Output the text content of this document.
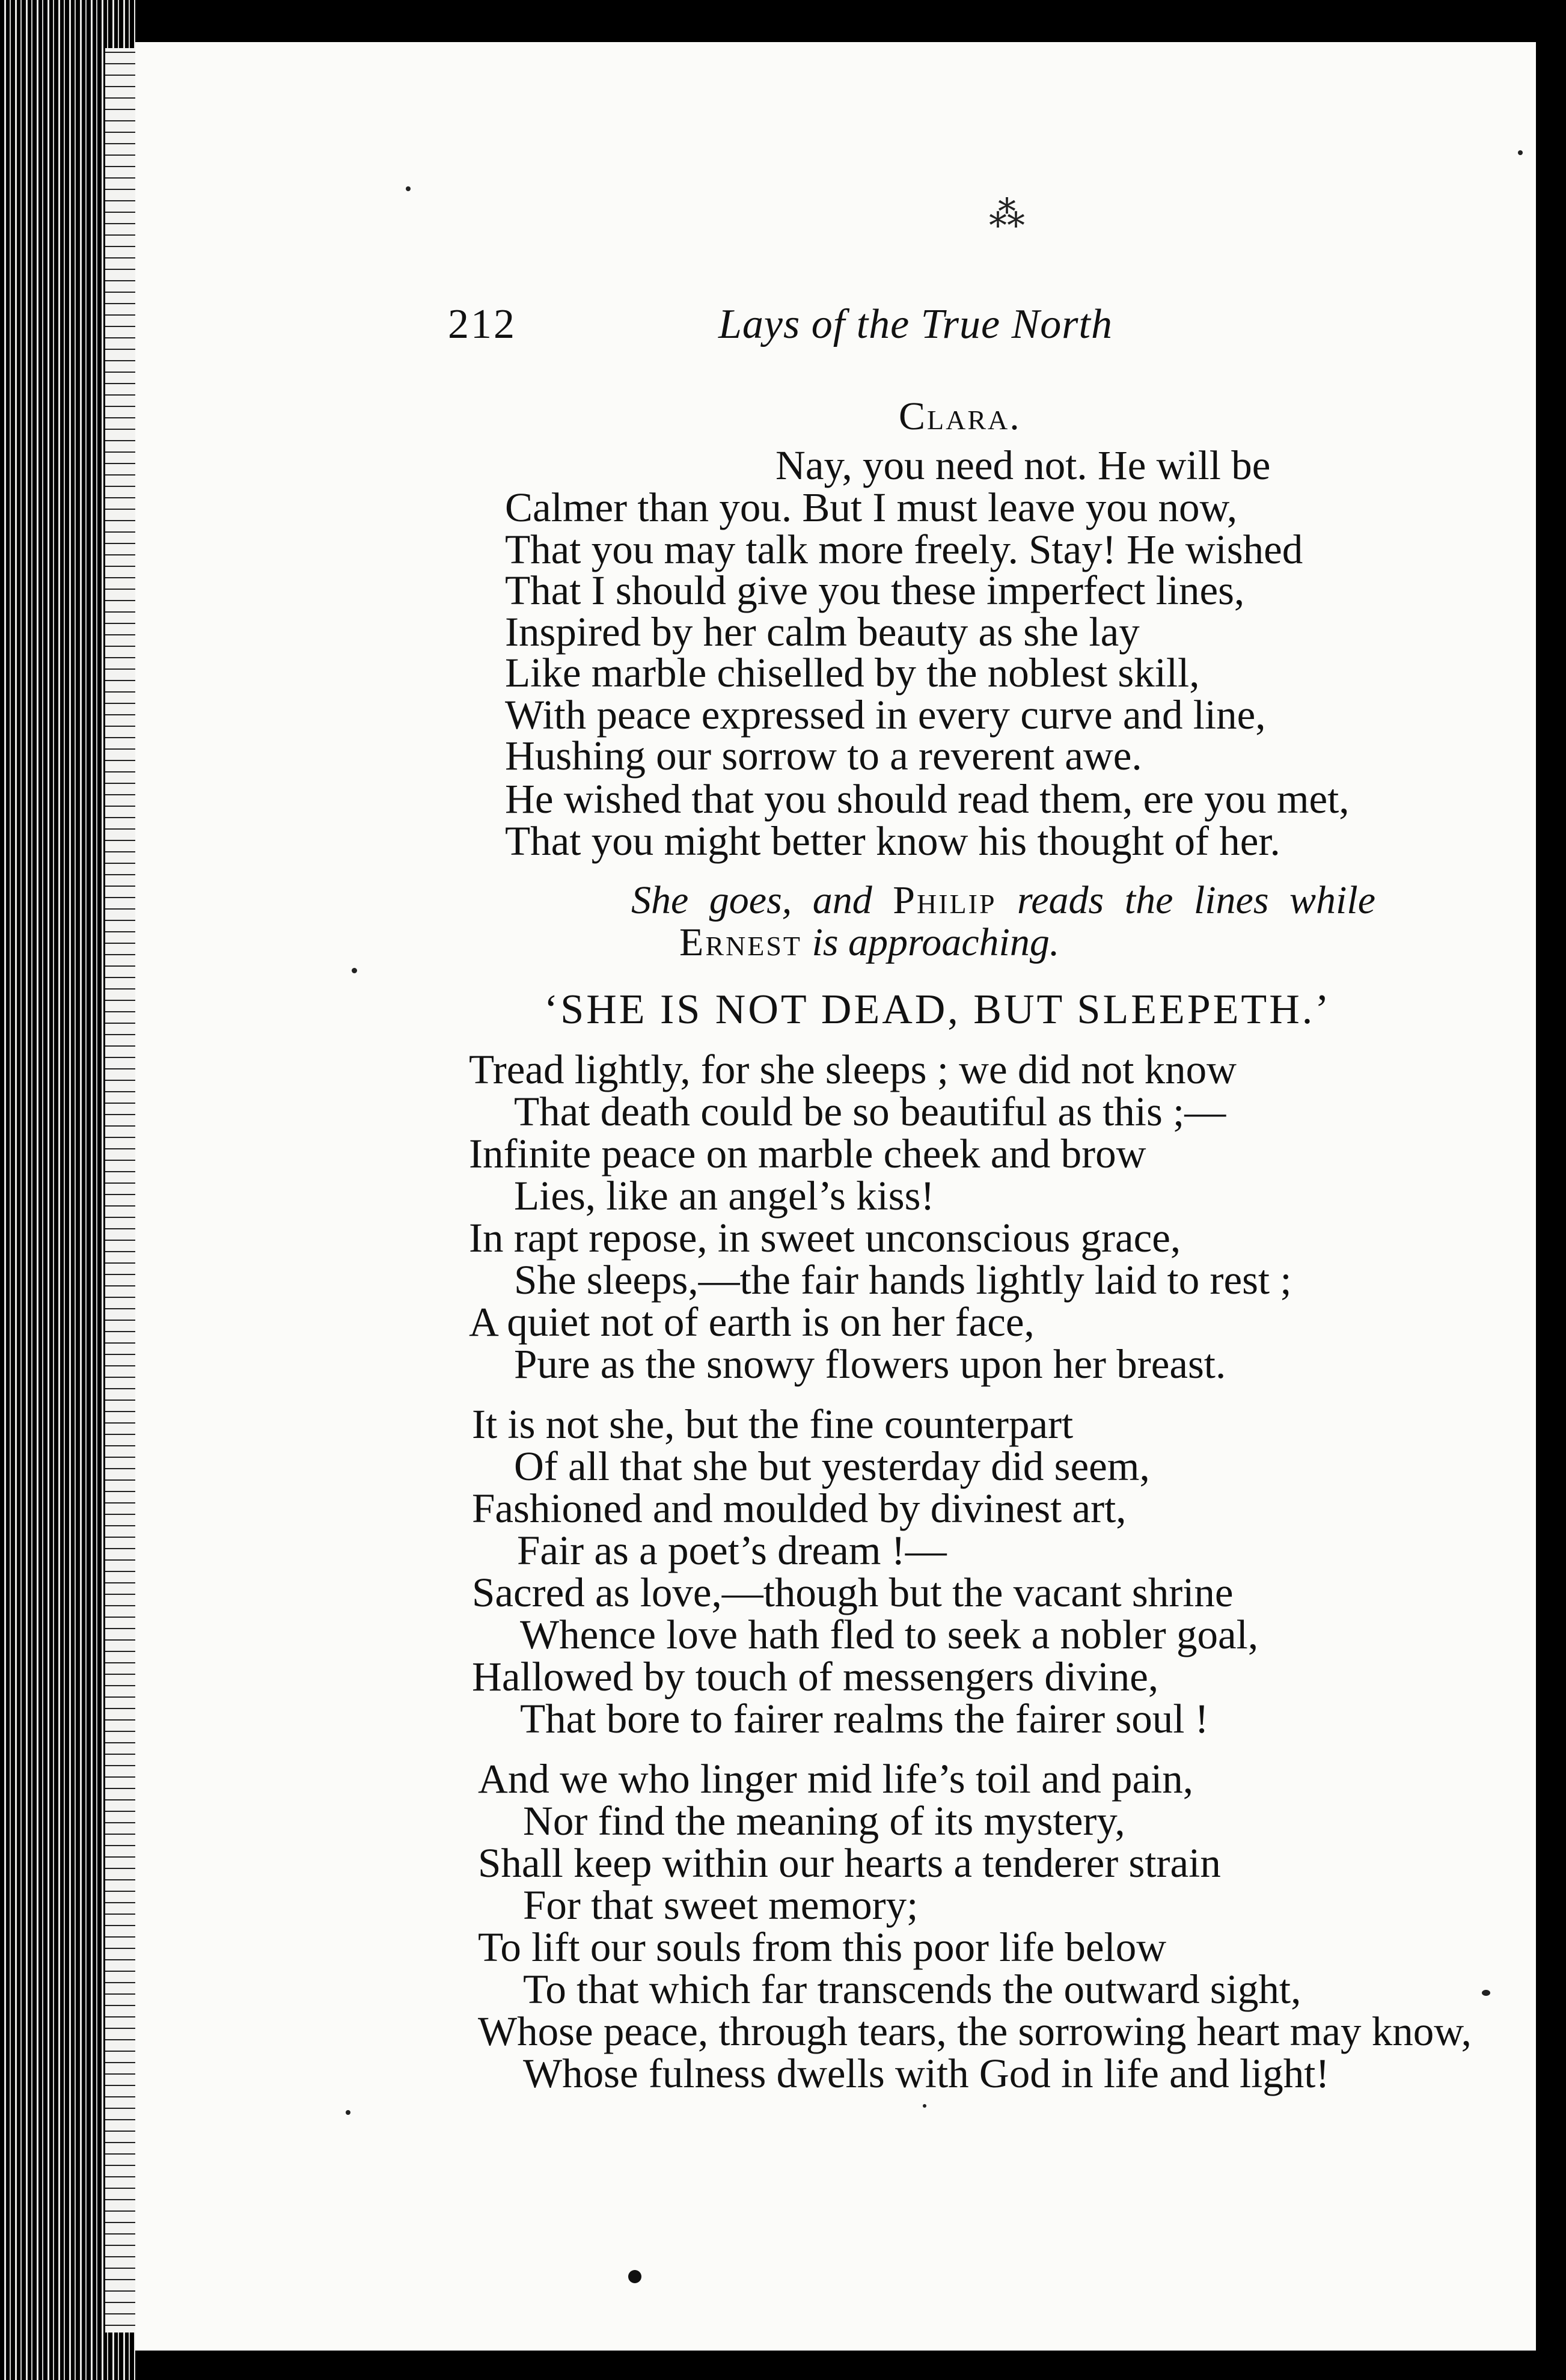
⁂
212	Lays of the True North
Clara.
Nay, you need not. He will be
Calmer than you. But I must leave you now,
That you may talk more freely. Stay! He wished
That I should give you these imperfect lines,
Inspired by her calm beauty as she lay
Like marble chiselled by the noblest skill,
With peace expressed in every curve and line,
Hushing our sorrow to a reverent awe.
He wished that you should read them, ere you met,
That you might better know his thought of her.
She goes, and Philip reads the lines while
Ernest is approaching.
‘SHE IS NOT DEAD, BUT SLEEPETH.’
Tread lightly, for she sleeps ; we did not know
That death could be so beautiful as this ;—
Infinite peace on marble cheek and brow
Lies, like an angel’s kiss!
In rapt repose, in sweet unconscious grace,
She sleeps,—the fair hands lightly laid to rest ;
A quiet not of earth is on her face,
Pure as the snowy flowers upon her breast.
It is not she, but the fine counterpart
Of all that she but yesterday did seem,
Fashioned and moulded by divinest art,
Fair as a poet’s dream !—
Sacred as love,—though but the vacant shrine
Whence love hath fled to seek a nobler goal,
Hallowed by touch of messengers divine,
That bore to fairer realms the fairer soul !
And we who linger mid life’s toil and pain,
Nor find the meaning of its mystery,
Shall keep within our hearts a tenderer strain
For that sweet memory;
To lift our souls from this poor life below
To that which far transcends the outward sight,
Whose peace, through tears, the sorrowing heart may know,
Whose fulness dwells with God in life and light!
